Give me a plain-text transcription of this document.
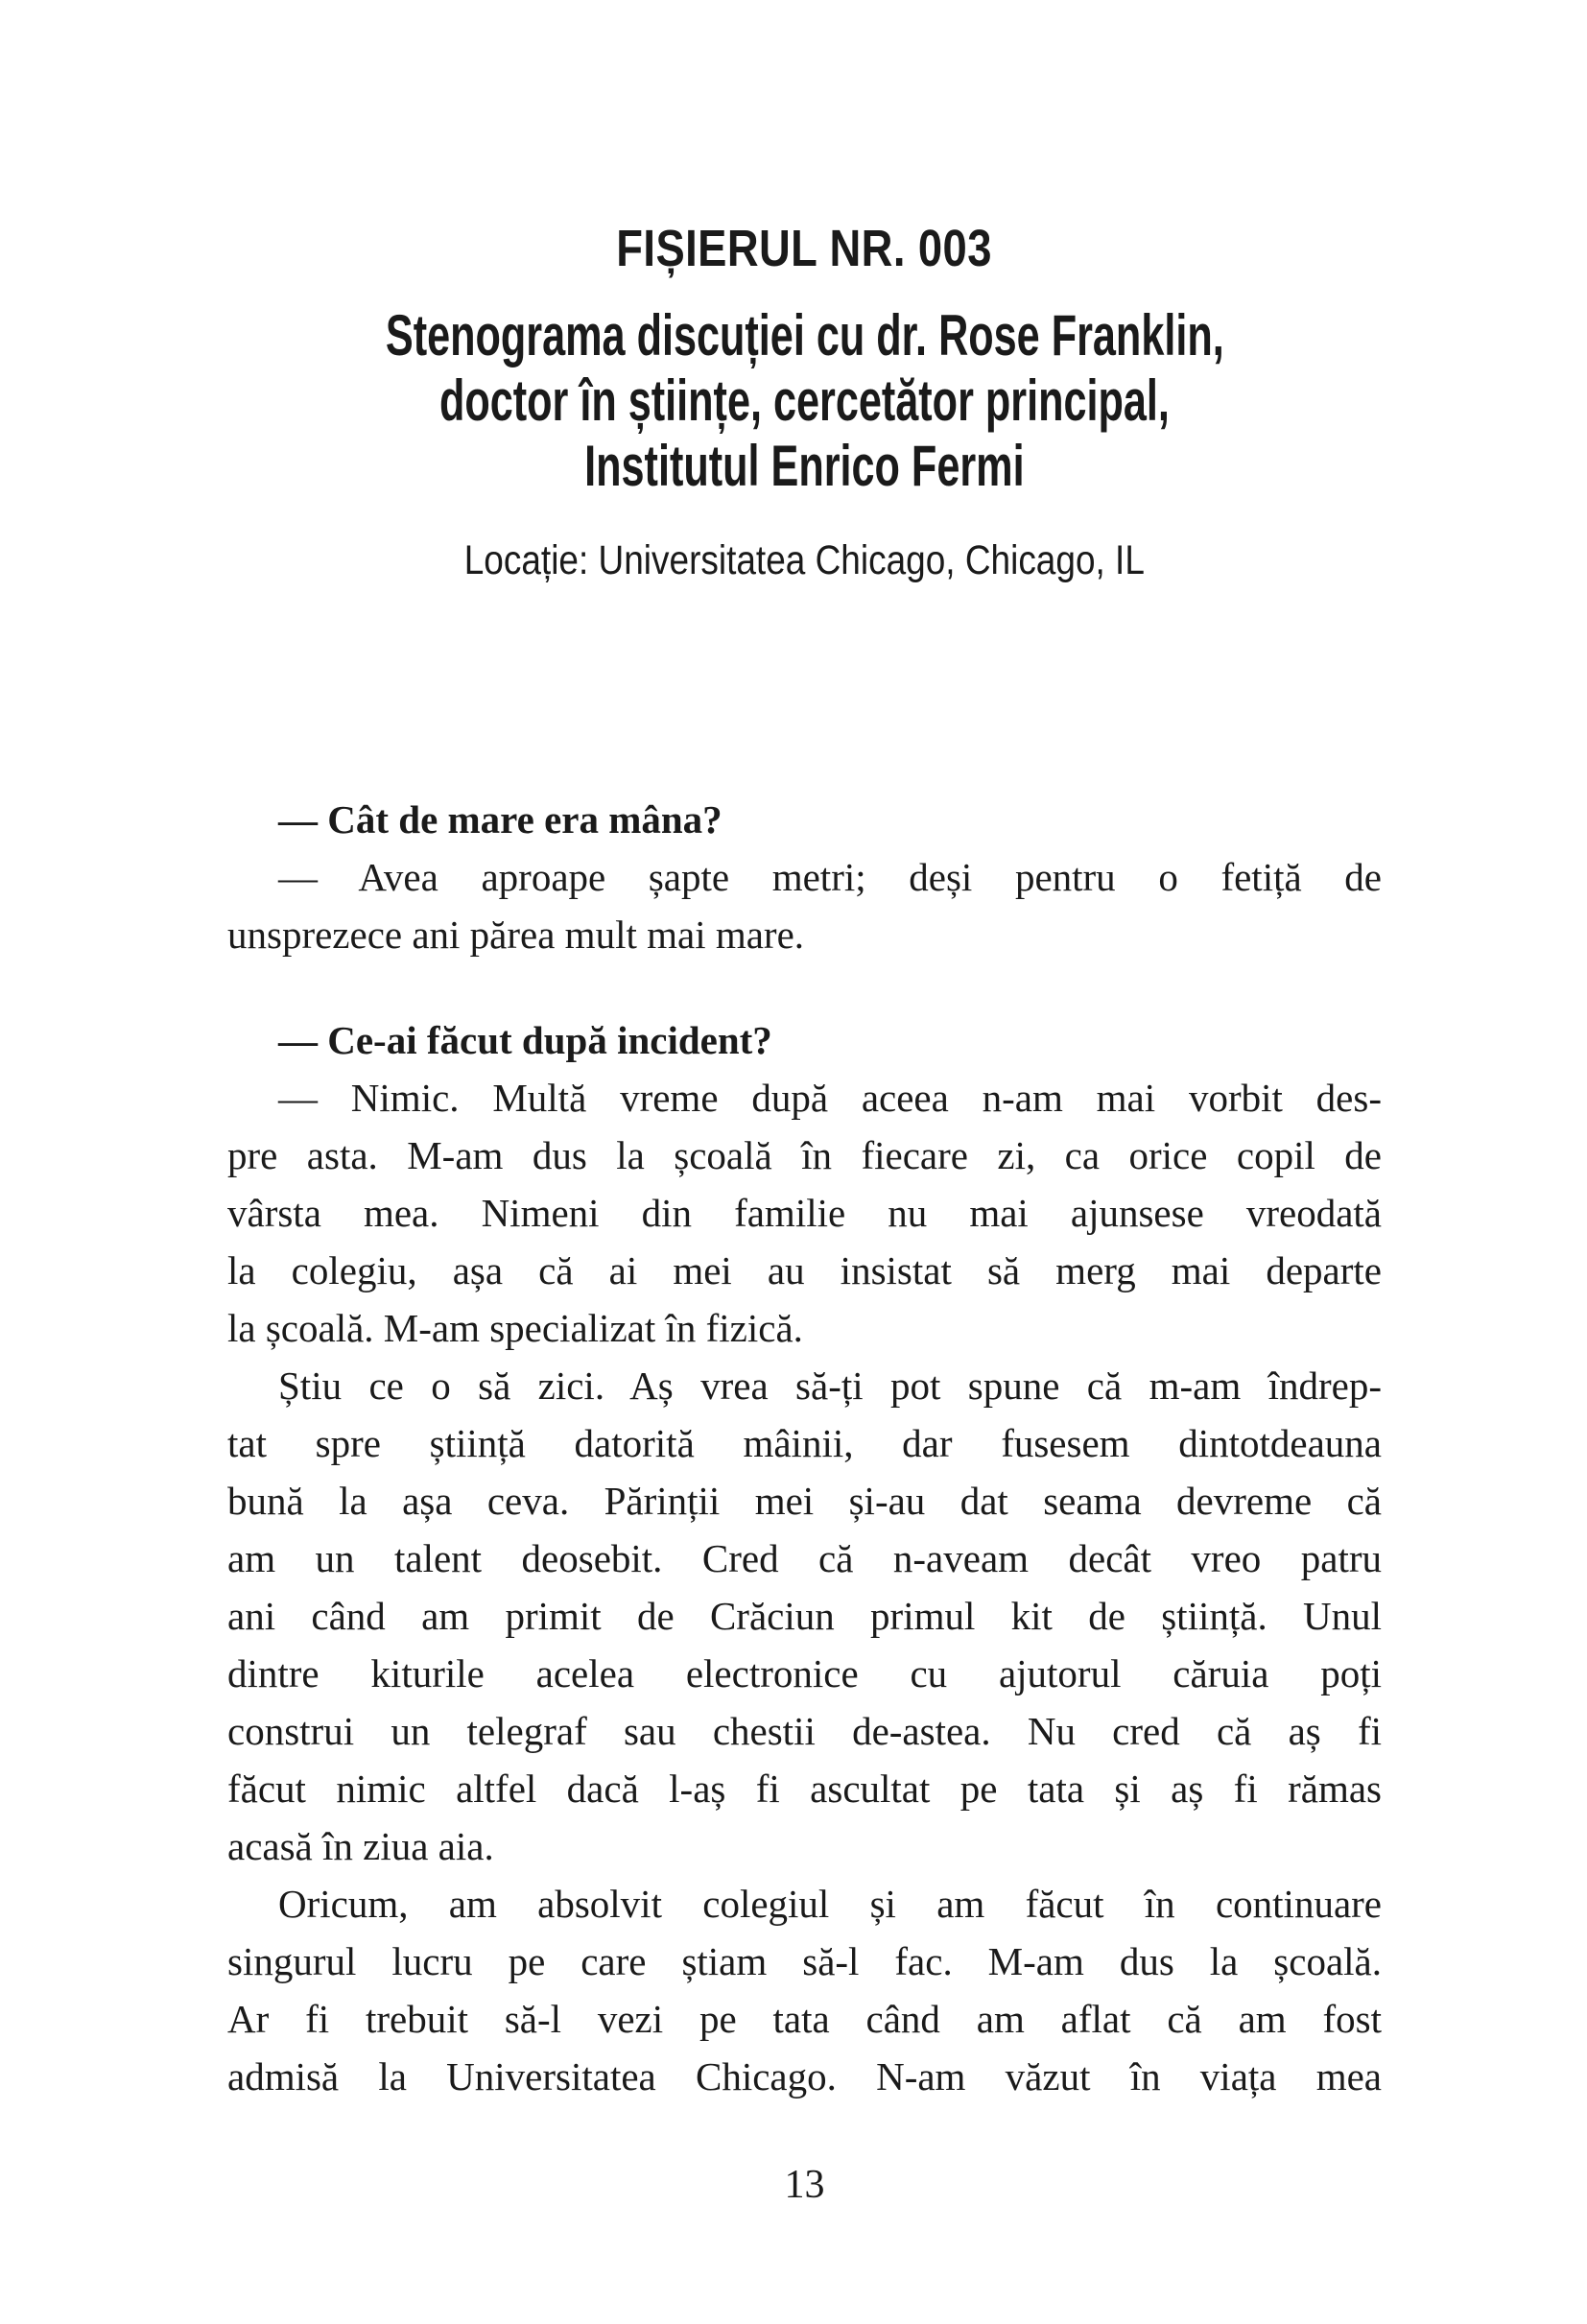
FIȘIERUL NR. 003
Stenograma discuției cu dr. Rose Franklin,
doctor în științe, cercetător principal,
Institutul Enrico Fermi
Locație: Universitatea Chicago, Chicago, IL
— Cât de mare era mâna?
— Avea aproape șapte metri; deși pentru o fetiță de
unsprezece ani părea mult mai mare.
— Ce-ai făcut după incident?
— Nimic. Multă vreme după aceea n-am mai vorbit des-
pre asta. M-am dus la școală în fiecare zi, ca orice copil de
vârsta mea. Nimeni din familie nu mai ajunsese vreodată
la colegiu, așa că ai mei au insistat să merg mai departe
la școală. M-am specializat în fizică.
Știu ce o să zici. Aș vrea să-ți pot spune că m-am îndrep-
tat spre știință datorită mâinii, dar fusesem dintotdeauna
bună la așa ceva. Părinții mei și-au dat seama devreme că
am un talent deosebit. Cred că n-aveam decât vreo patru
ani când am primit de Crăciun primul kit de știință. Unul
dintre kiturile acelea electronice cu ajutorul căruia poți
construi un telegraf sau chestii de-astea. Nu cred că aș fi
făcut nimic altfel dacă l-aș fi ascultat pe tata și aș fi rămas
acasă în ziua aia.
Oricum, am absolvit colegiul și am făcut în continuare
singurul lucru pe care știam să-l fac. M-am dus la școală.
Ar fi trebuit să-l vezi pe tata când am aflat că am fost
admisă la Universitatea Chicago. N-am văzut în viața mea
13
